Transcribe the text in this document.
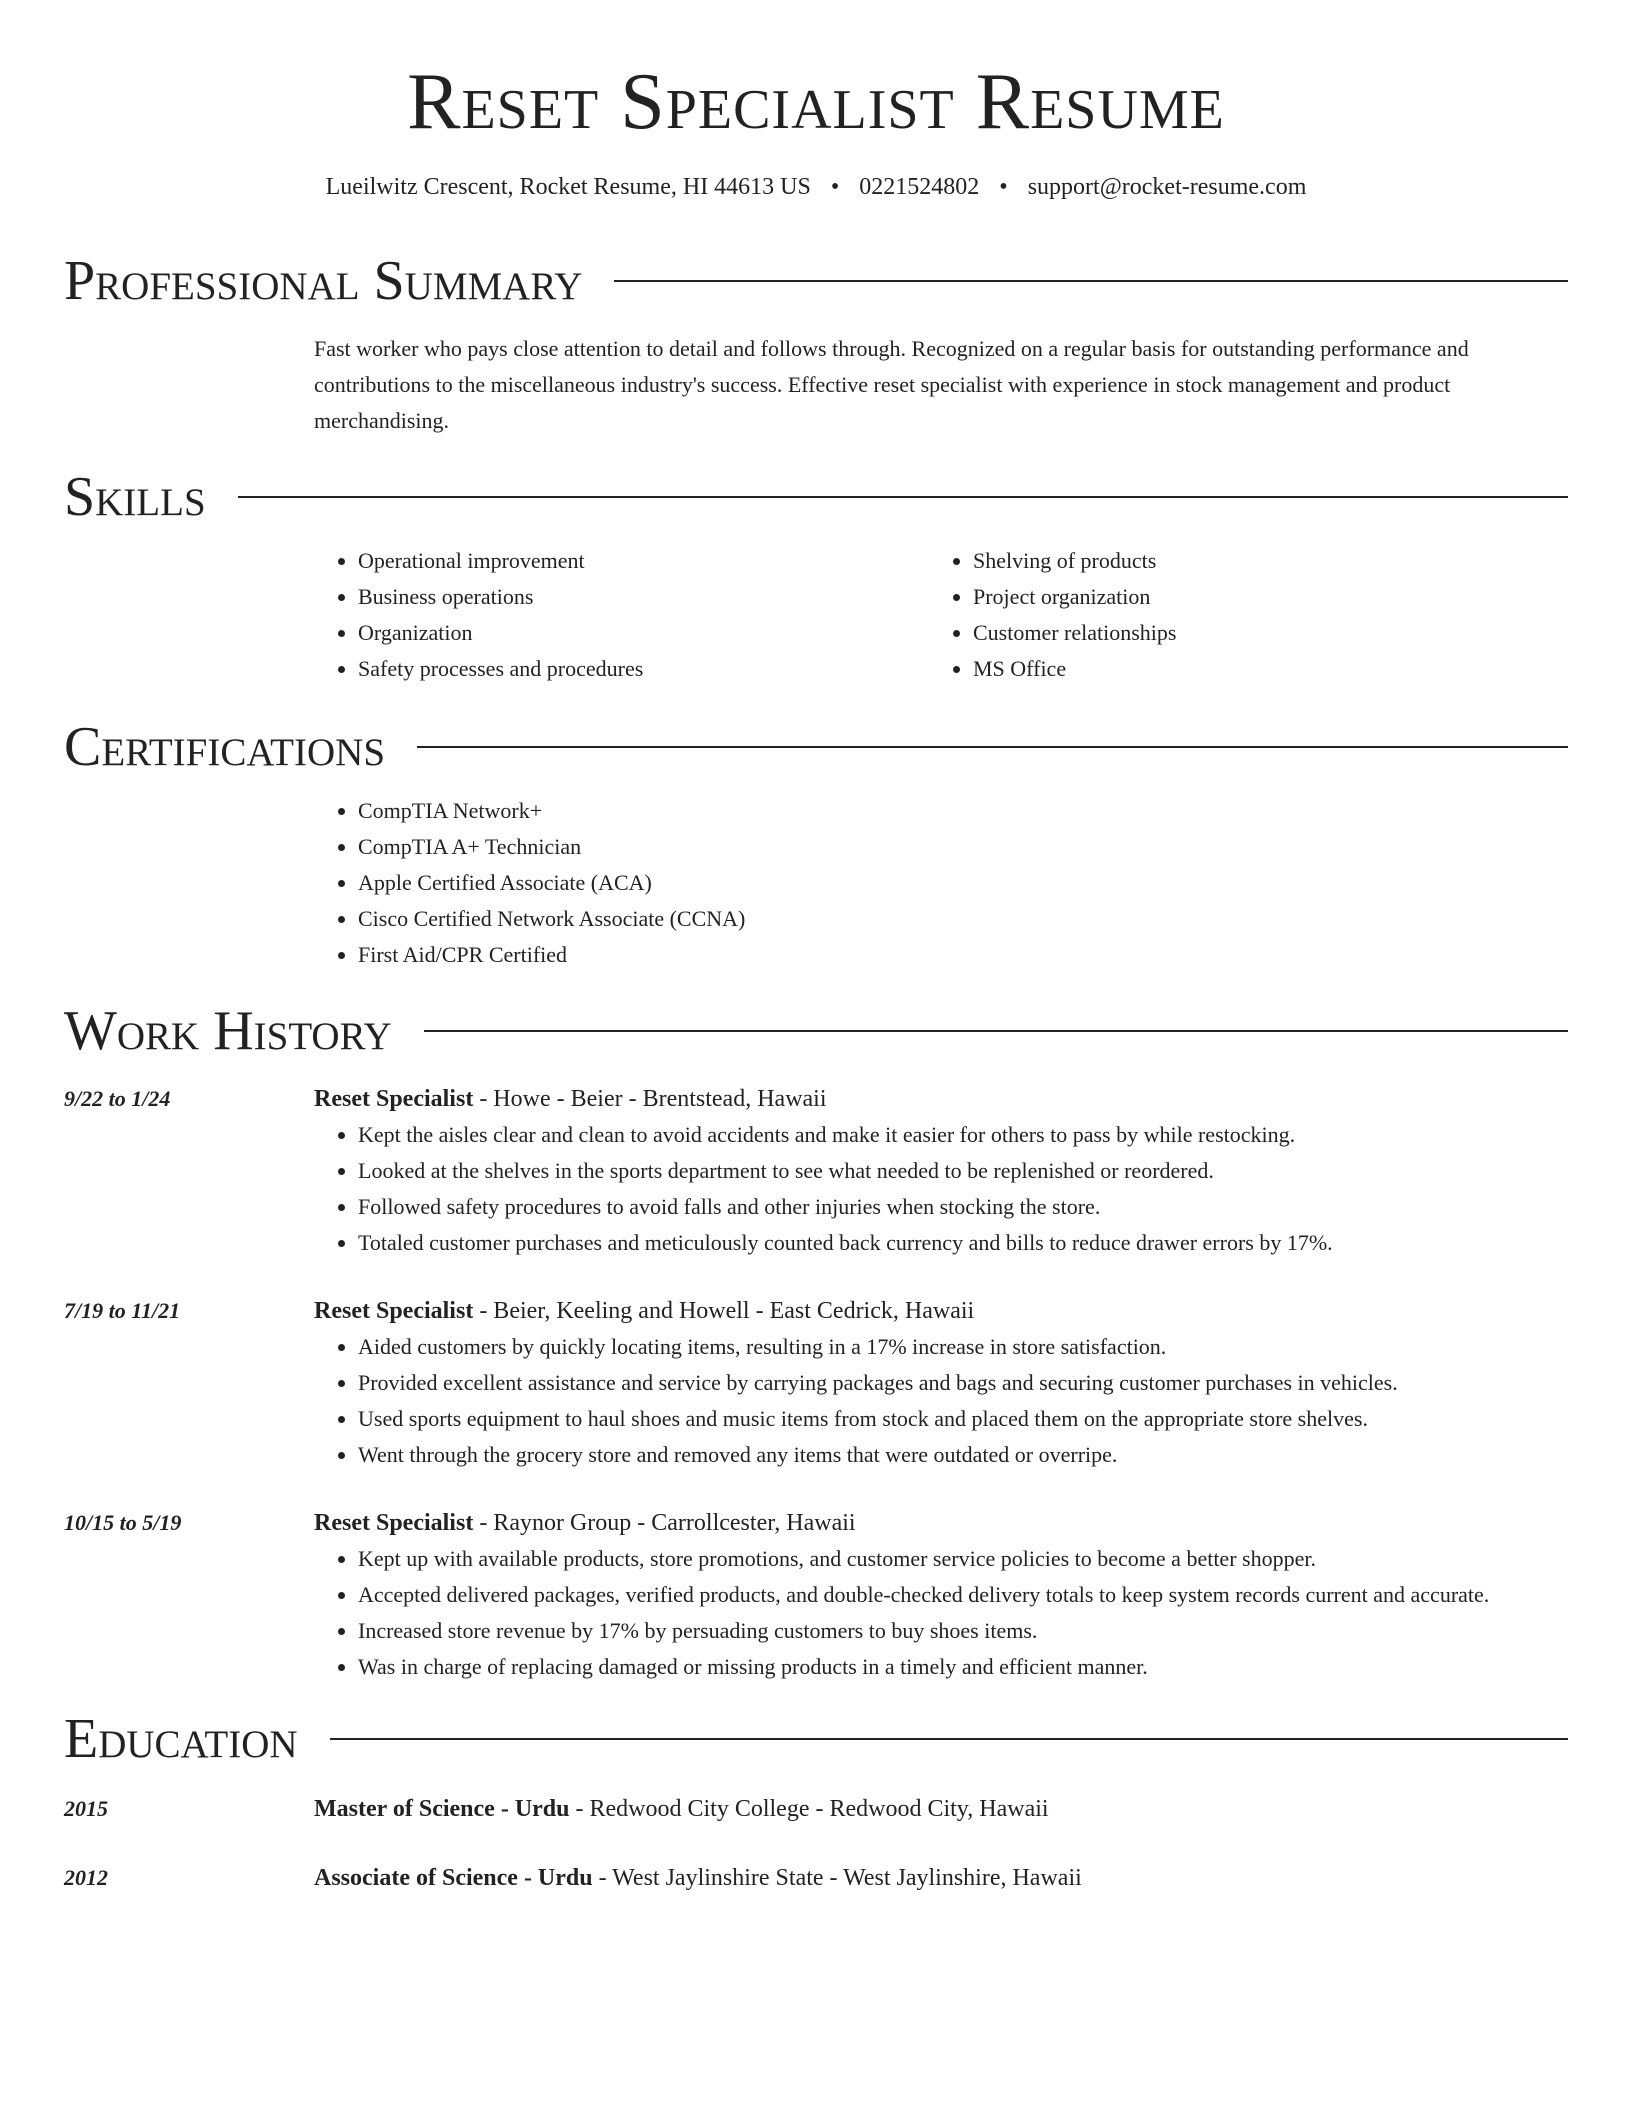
Reset Specialist Resume
Lueilwitz Crescent, Rocket Resume, HI 44613 US • 0221524802 • support@rocket-resume.com
Professional Summary
Fast worker who pays close attention to detail and follows through. Recognized on a regular basis for outstanding performance and contributions to the miscellaneous industry's success. Effective reset specialist with experience in stock management and product merchandising.
Skills
• Operational improvement
• Business operations
• Organization
• Safety processes and procedures
• Shelving of products
• Project organization
• Customer relationships
• MS Office
Certifications
• CompTIA Network+
• CompTIA A+ Technician
• Apple Certified Associate (ACA)
• Cisco Certified Network Associate (CCNA)
• First Aid/CPR Certified
Work History
9/22 to 1/24	Reset Specialist - Howe - Beier - Brentstead, Hawaii
• Kept the aisles clear and clean to avoid accidents and make it easier for others to pass by while restocking.
• Looked at the shelves in the sports department to see what needed to be replenished or reordered.
• Followed safety procedures to avoid falls and other injuries when stocking the store.
• Totaled customer purchases and meticulously counted back currency and bills to reduce drawer errors by 17%.
7/19 to 11/21	Reset Specialist - Beier, Keeling and Howell - East Cedrick, Hawaii
• Aided customers by quickly locating items, resulting in a 17% increase in store satisfaction.
• Provided excellent assistance and service by carrying packages and bags and securing customer purchases in vehicles.
• Used sports equipment to haul shoes and music items from stock and placed them on the appropriate store shelves.
• Went through the grocery store and removed any items that were outdated or overripe.
10/15 to 5/19	Reset Specialist - Raynor Group - Carrollcester, Hawaii
• Kept up with available products, store promotions, and customer service policies to become a better shopper.
• Accepted delivered packages, verified products, and double-checked delivery totals to keep system records current and accurate.
• Increased store revenue by 17% by persuading customers to buy shoes items.
• Was in charge of replacing damaged or missing products in a timely and efficient manner.
Education
2015	Master of Science - Urdu - Redwood City College - Redwood City, Hawaii
2012	Associate of Science - Urdu - West Jaylinshire State - West Jaylinshire, Hawaii
